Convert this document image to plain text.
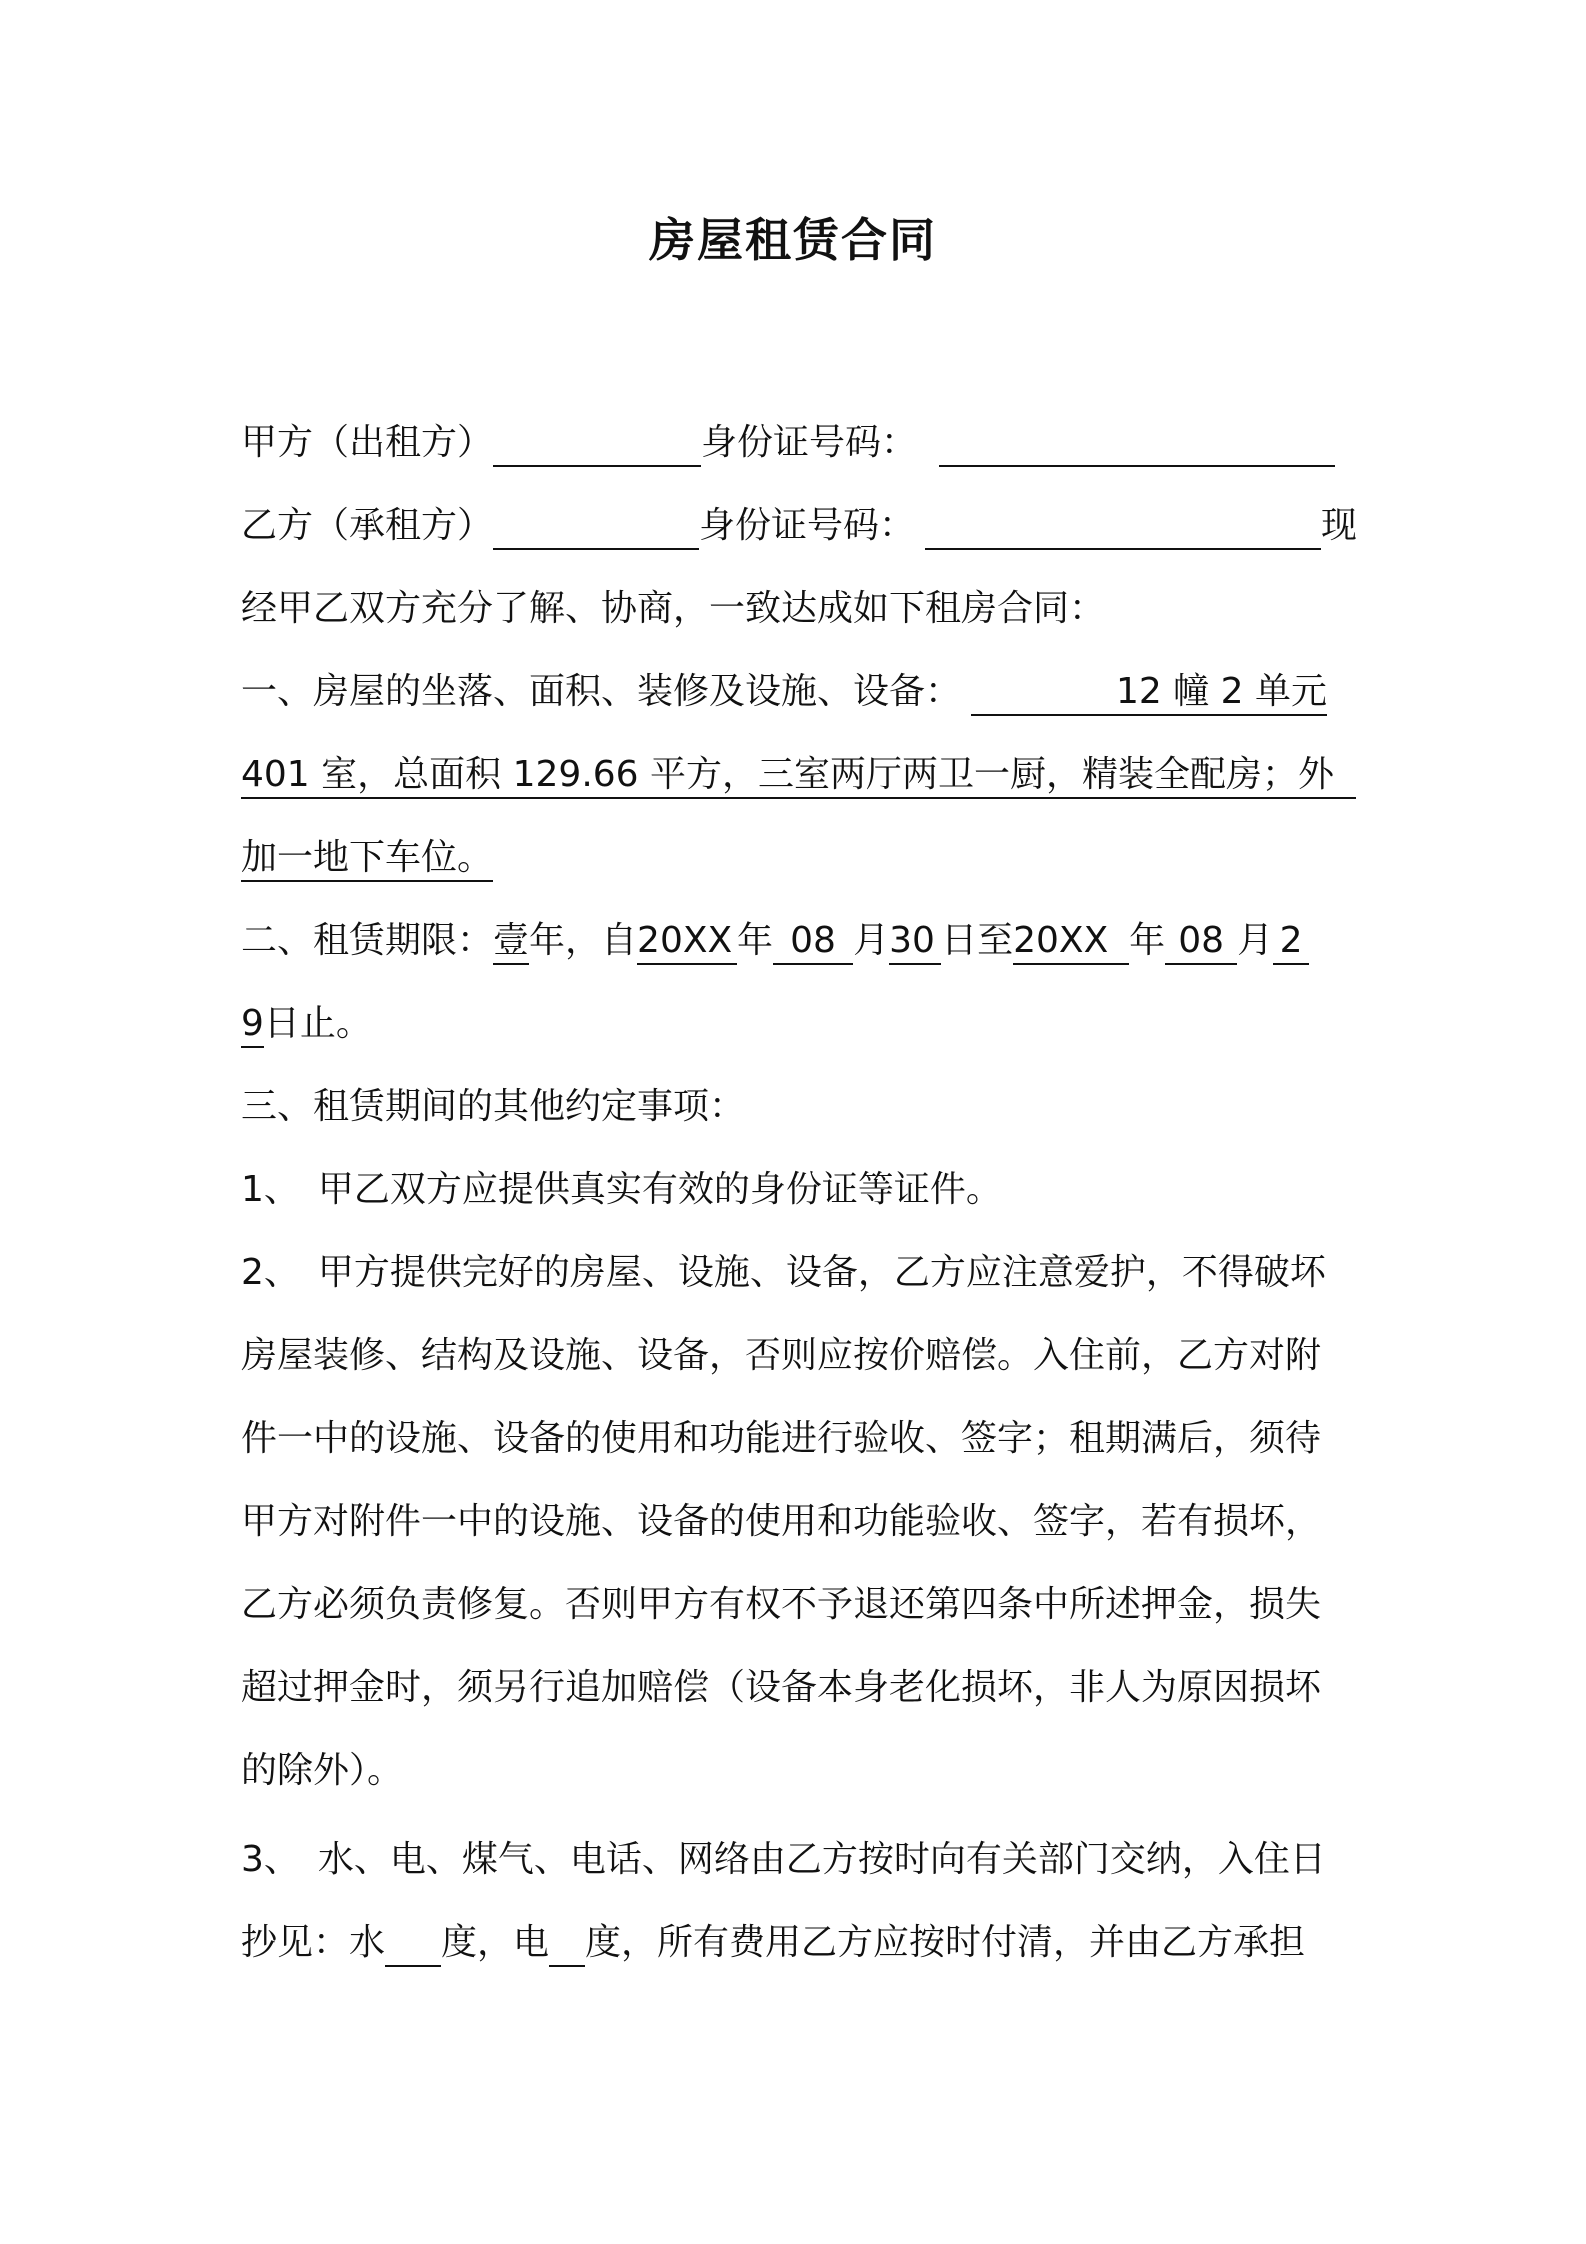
房屋租赁合同
甲方（出租方）	身份证号码：
乙方（承租方）	身份证号码：	现
经甲乙双方充分了解、协商，一致达成如下租房合同：
一、房屋的坐落、面积、装修及设施、设备：	12 幢 2 单元
401 室，总面积 129.66 平方，三室两厅两卫一厨，精装全配房；外
加一地下车位。
二、租赁期限：壹年，自20XX 年 08 月30 日至20XX 年 08 月 2
9日止。
三、租赁期间的其他约定事项：
1、　甲乙双方应提供真实有效的身份证等证件。
2、　甲方提供完好的房屋、设施、设备，乙方应注意爱护，不得破坏
房屋装修、结构及设施、设备，否则应按价赔偿。入住前，乙方对附
件一中的设施、设备的使用和功能进行验收、签字；租期满后，须待
甲方对附件一中的设施、设备的使用和功能验收、签字，若有损坏，
乙方必须负责修复。否则甲方有权不予退还第四条中所述押金，损失
超过押金时，须另行追加赔偿（设备本身老化损坏，非人为原因损坏
的除外）。
3、　水、电、煤气、电话、网络由乙方按时向有关部门交纳，入住日
抄见：水 度，电 度，所有费用乙方应按时付清，并由乙方承担
